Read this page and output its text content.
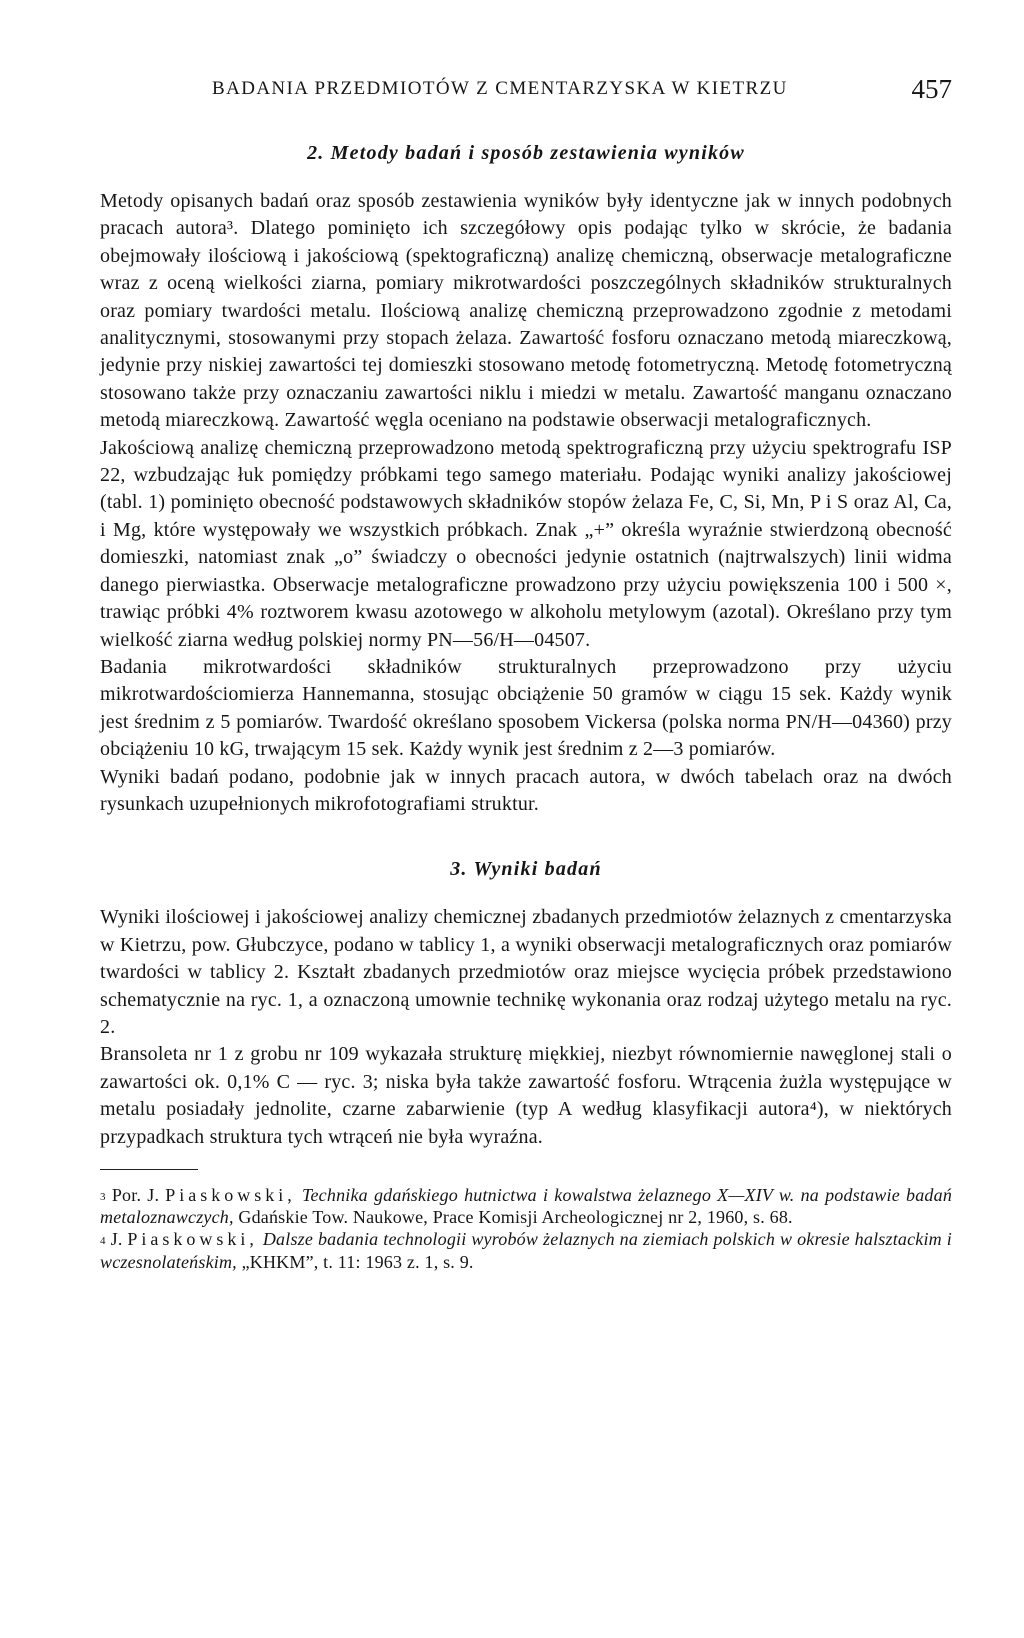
BADANIA PRZEDMIOTÓW Z CMENTARZYSKA W KIETRZU	457
2. Metody badań i sposób zestawienia wyników

Metody opisanych badań oraz sposób zestawienia wyników były identyczne jak w innych podobnych pracach autora³. Dlatego pominięto ich szczegółowy opis podając tylko w skrócie, że badania obejmowały ilościową i jakościową (spektograficzną) analizę chemiczną, obserwacje metalograficzne wraz z oceną wielkości ziarna, pomiary mikrotwardości poszczególnych składników strukturalnych oraz pomiary twardości metalu. Ilościową analizę chemiczną przeprowadzono zgodnie z metodami analitycznymi, stosowanymi przy stopach żelaza. Zawartość fosforu oznaczano metodą miareczkową, jedynie przy niskiej zawartości tej domieszki stosowano metodę fotometryczną. Metodę fotometryczną stosowano także przy oznaczaniu zawartości niklu i miedzi w metalu. Zawartość manganu oznaczano metodą miareczkową. Zawartość węgla oceniano na podstawie obserwacji metalograficznych.

Jakościową analizę chemiczną przeprowadzono metodą spektrograficzną przy użyciu spektrografu ISP 22, wzbudzając łuk pomiędzy próbkami tego samego materiału. Podając wyniki analizy jakościowej (tabl. 1) pominięto obecność podstawowych składników stopów żelaza Fe, C, Si, Mn, P i S oraz Al, Ca, i Mg, które występowały we wszystkich próbkach. Znak „+” określa wyraźnie stwierdzoną obecność domieszki, natomiast znak „o” świadczy o obecności jedynie ostatnich (najtrwalszych) linii widma danego pierwiastka. Obserwacje metalograficzne prowadzono przy użyciu powiększenia 100 i 500 ×, trawiąc próbki 4% roztworem kwasu azotowego w alkoholu metylowym (azotal). Określano przy tym wielkość ziarna według polskiej normy PN—56/H—04507.

Badania mikrotwardości składników strukturalnych przeprowadzono przy użyciu mikrotwardościomierza Hannemanna, stosując obciążenie 50 gramów w ciągu 15 sek. Każdy wynik jest średnim z 5 pomiarów. Twardość określano sposobem Vickersa (polska norma PN/H—04360) przy obciążeniu 10 kG, trwającym 15 sek. Każdy wynik jest średnim z 2—3 pomiarów.

Wyniki badań podano, podobnie jak w innych pracach autora, w dwóch tabelach oraz na dwóch rysunkach uzupełnionych mikrofotografiami struktur.

3. Wyniki badań

Wyniki ilościowej i jakościowej analizy chemicznej zbadanych przedmiotów żelaznych z cmentarzyska w Kietrzu, pow. Głubczyce, podano w tablicy 1, a wyniki obserwacji metalograficznych oraz pomiarów twardości w tablicy 2. Kształt zbadanych przedmiotów oraz miejsce wycięcia próbek przedstawiono schematycznie na ryc. 1, a oznaczoną umownie technikę wykonania oraz rodzaj użytego metalu na ryc. 2.

Bransoleta nr 1 z grobu nr 109 wykazała strukturę miękkiej, niezbyt równomiernie nawęglonej stali o zawartości ok. 0,1% C — ryc. 3; niska była także zawartość fosforu. Wtrącenia żużla występujące w metalu posiadały jednolite, czarne zabarwienie (typ A według klasyfikacji autora⁴), w niektórych przypadkach struktura tych wtrąceń nie była wyraźna.

$^3$ Por. J. Piaskowski, Technika gdańskiego hutnictwa i kowalstwa żelaznego X—XIV w. na podstawie badań metaloznawczych, Gdańskie Tow. Naukowe, Prace Komisji Archeologicznej nr 2, 1960, s. 68.

$^4$ J. Piaskowski, Dalsze badania technologii wyrobów żelaznych na ziemiach polskich w okresie halsztackim i wczesnolateńskim, „KHKM”, t. 11: 1963 z. 1, s. 9.
